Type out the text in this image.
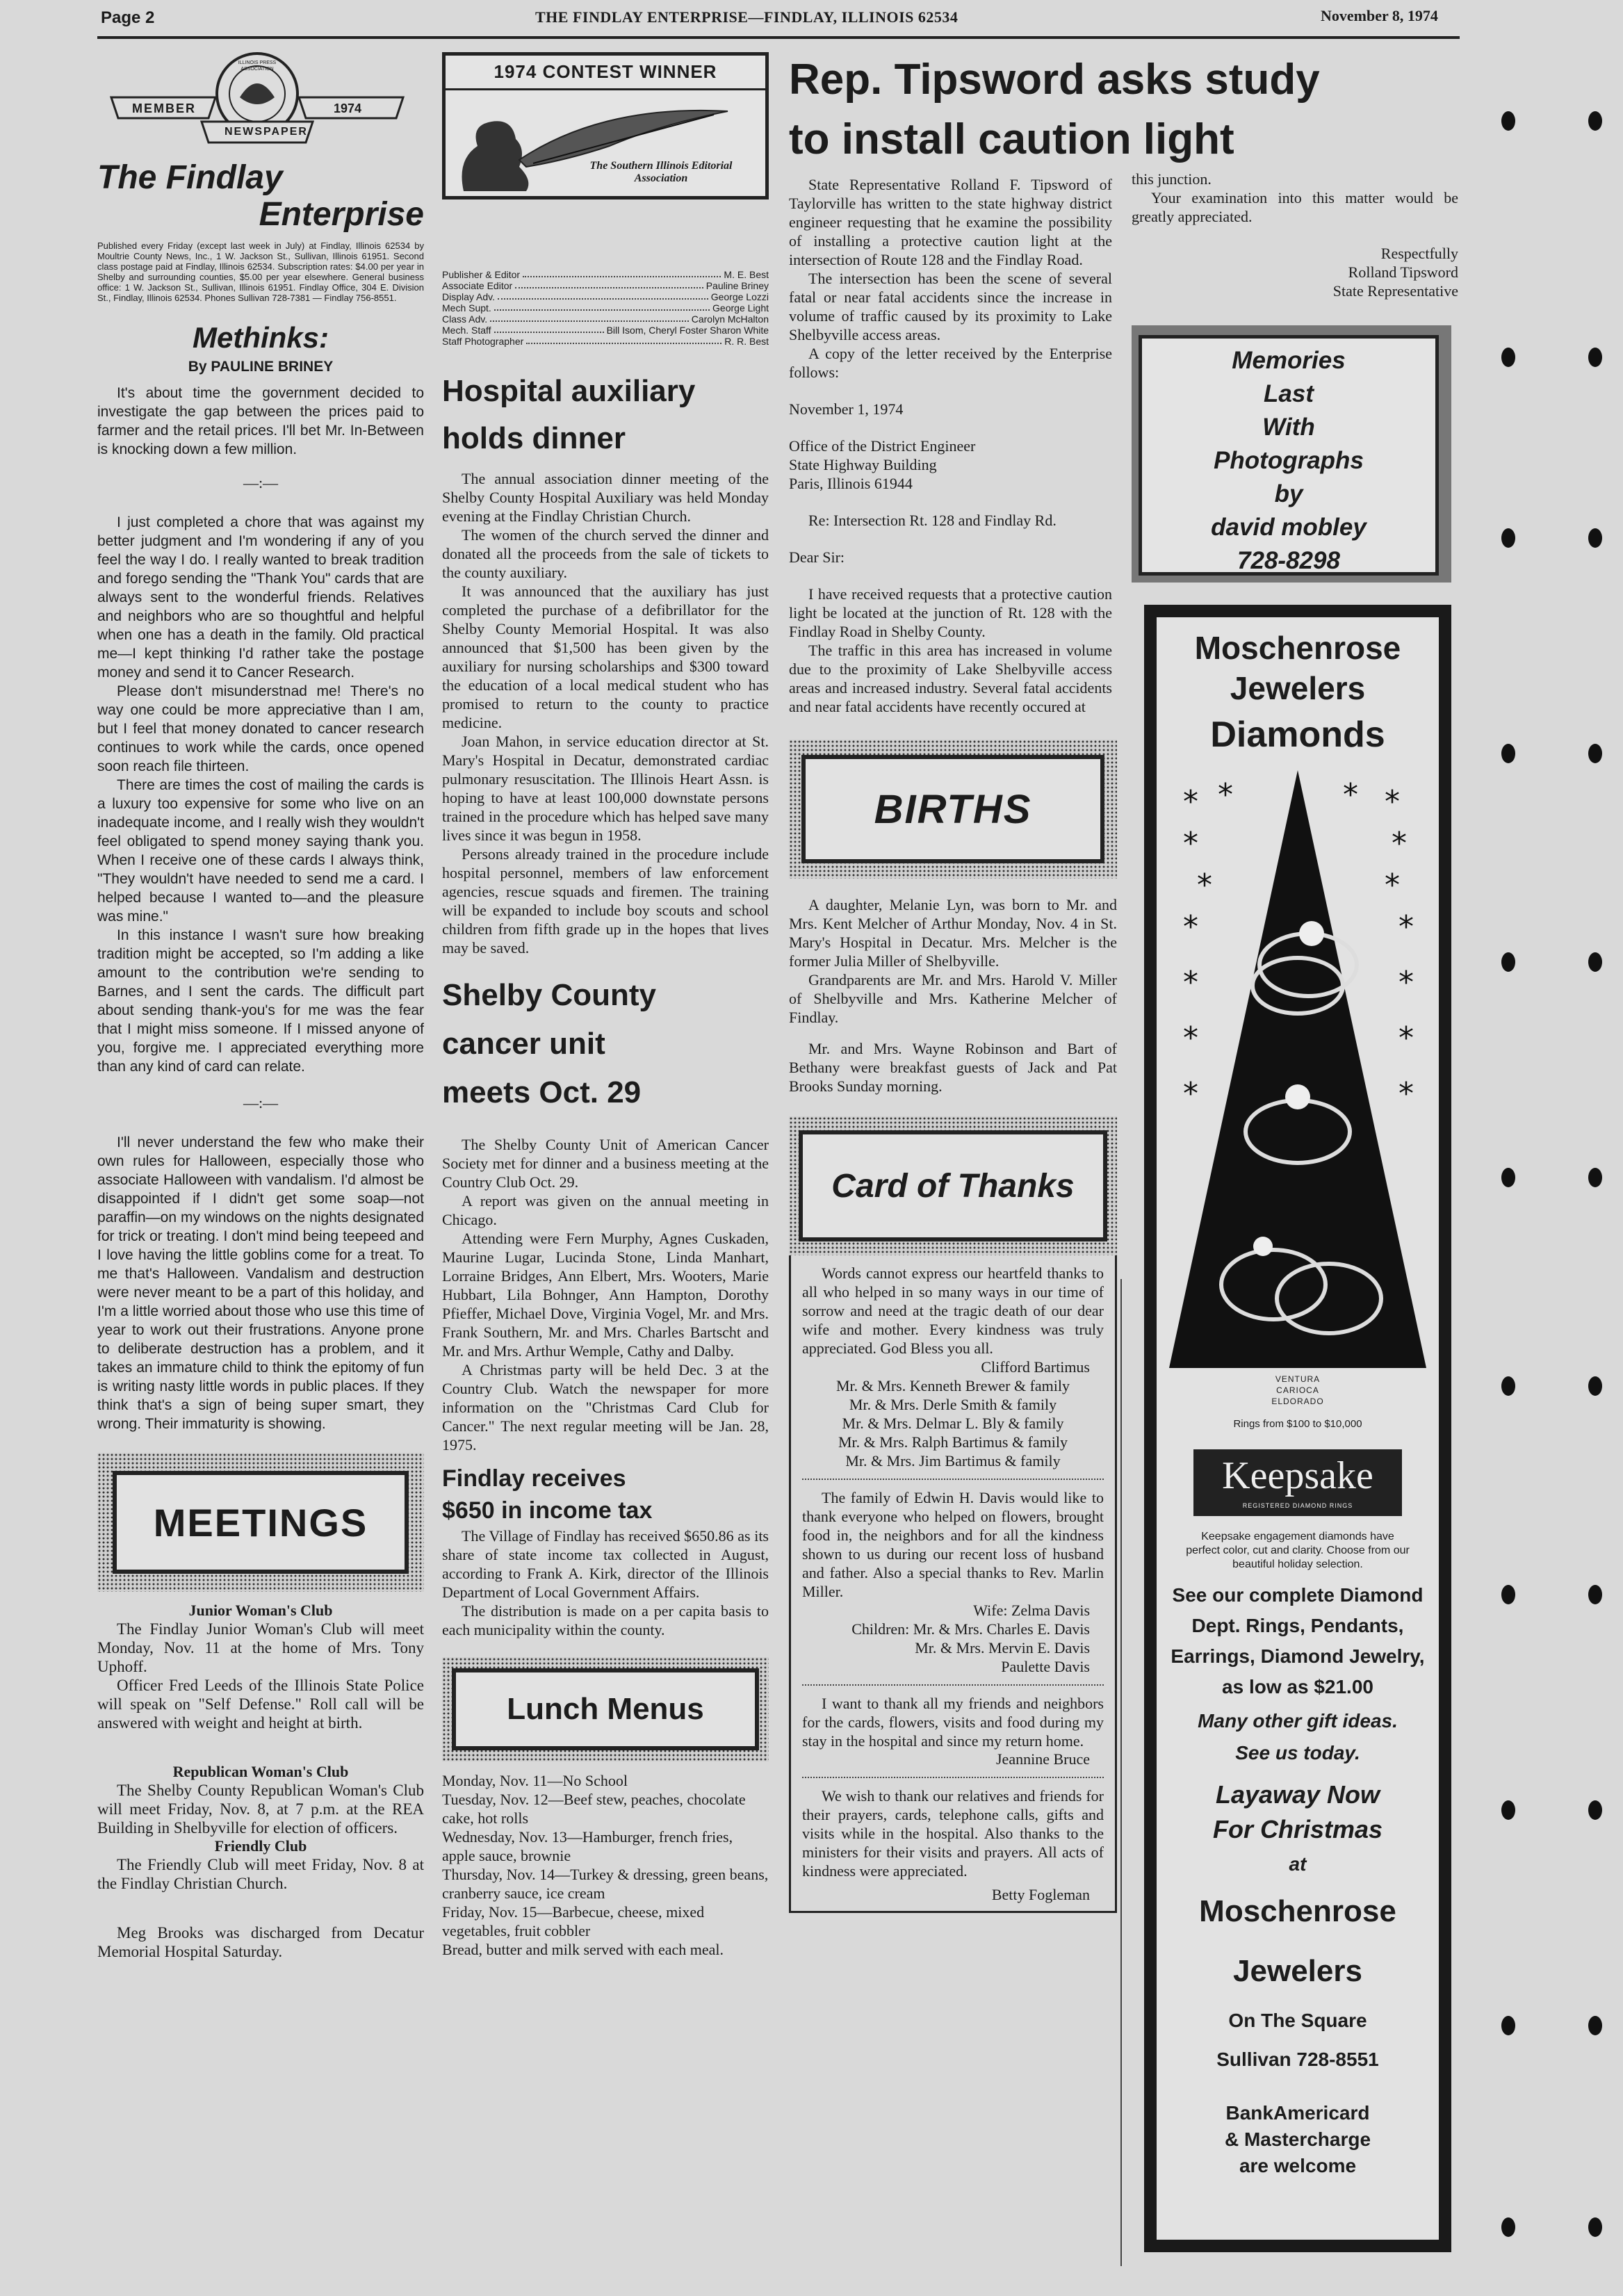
Page 2	THE FINDLAY ENTERPRISE—FINDLAY, ILLINOIS 62534	November 8, 1974
MEMBER	1974
NEWSPAPER
ILLINOIS PRESS ASSOCIATION
The Findlay
Enterprise
Published every Friday (except last week in July) at Findlay, Illinois 62534 by Moultrie County News, Inc., 1 W. Jackson St., Sullivan, Illinois 61951. Second class postage paid at Findlay, Illinois 62534. Subscription rates: $4.00 per year in Shelby and surrounding counties, $5.00 per year elsewhere. General business office: 1 W. Jackson St., Sullivan, Illinois 61951. Findlay Office, 304 E. Division St., Findlay, Illinois 62534. Phones Sullivan 728-7381 — Findlay 756-8551.
Methinks:
By PAULINE BRINEY

It's about time the government decided to investigate the gap between the prices paid to farmer and the retail prices. I'll bet Mr. In-Between is knocking down a few million.

—:—

I just completed a chore that was against my better judgment and I'm wondering if any of you feel the way I do. I really wanted to break tradition and forego sending the "Thank You" cards that are always sent to the wonderful friends. Relatives and neighbors who are so thoughtful and helpful when one has a death in the family. Old practical me—I kept thinking I'd rather take the postage money and send it to Cancer Research.

Please don't misunderstnad me! There's no way one could be more appreciative than I am, but I feel that money donated to cancer research continues to work while the cards, once opened soon reach file thirteen.

There are times the cost of mailing the cards is a luxury too expensive for some who live on an inadequate income, and I really wish they wouldn't feel obligated to spend money saying thank you. When I receive one of these cards I always think, "They wouldn't have needed to send me a card. I helped because I wanted to—and the pleasure was mine."

In this instance I wasn't sure how breaking tradition might be accepted, so I'm adding a like amount to the contribution we're sending to Barnes, and I sent the cards. The difficult part about sending thank-you's for me was the fear that I might miss someone. If I missed anyone of you, forgive me. I appreciated everything more than any kind of card can relate.

—:—

I'll never understand the few who make their own rules for Halloween, especially those who associate Halloween with vandalism. I'd almost be disappointed if I didn't get some soap—not paraffin—on my windows on the nights designated for trick or treating. I don't mind being teepeed and I love having the little goblins come for a treat. To me that's Halloween. Vandalism and destruction were never meant to be a part of this holiday, and I'm a little worried about those who use this time of year to work out their frustrations. Anyone prone to deliberate destruction has a problem, and it takes an immature child to think the epitomy of fun is writing nasty little words in public places. If they think that's a sign of being super smart, they wrong. Their immaturity is showing.

MEETINGS
Junior Woman's Club

The Findlay Junior Woman's Club will meet Monday, Nov. 11 at the home of Mrs. Tony Uphoff.

Officer Fred Leeds of the Illinois State Police will speak on "Self Defense." Roll call will be answered with weight and height at birth.

Republican Woman's Club

The Shelby County Republican Woman's Club will meet Friday, Nov. 8, at 7 p.m. at the REA Building in Shelbyville for election of officers.

Friendly Club

The Friendly Club will meet Friday, Nov. 8 at the Findlay Christian Church.

Meg Brooks was discharged from Decatur Memorial Hospital Saturday.

1974 CONTEST WINNER
The Southern Illinois Editorial Association
Publisher & Editor	M. E. Best
Associate Editor	Pauline Briney
Display Adv.	George Lozzi
Mech Supt.	George Light
Class Adv.	Carolyn McHalton
Mech. Staff	Bill Isom, Cheryl Foster Sharon White
Staff Photographer	R. R. Best
Hospital auxiliary
holds dinner

The annual association dinner meeting of the Shelby County Hospital Auxiliary was held Monday evening at the Findlay Christian Church.

The women of the church served the dinner and donated all the proceeds from the sale of tickets to the county auxiliary.

It was announced that the auxiliary has just completed the purchase of a defibrillator for the Shelby County Memorial Hospital. It was also announced that $1,500 has been given by the auxiliary for nursing scholarships and $300 toward the education of a local medical student who has promised to return to the county to practice medicine.

Joan Mahon, in service education director at St. Mary's Hospital in Decatur, demonstrated cardiac pulmonary resuscitation. The Illinois Heart Assn. is hoping to have at least 100,000 downstate persons trained in the procedure which has helped save many lives since it was begun in 1958.

Persons already trained in the procedure include hospital personnel, members of law enforcement agencies, rescue squads and firemen. The training will be expanded to include boy scouts and school children from fifth grade up in the hopes that lives may be saved.

Shelby County
cancer unit
meets Oct. 29

The Shelby County Unit of American Cancer Society met for dinner and a business meeting at the Country Club Oct. 29.

A report was given on the annual meeting in Chicago.

Attending were Fern Murphy, Agnes Cuskaden, Maurine Lugar, Lucinda Stone, Linda Manhart, Lorraine Bridges, Ann Elbert, Mrs. Wooters, Marie Hubbart, Lila Bohnger, Ann Hampton, Dorothy Pfieffer, Michael Dove, Virginia Vogel, Mr. and Mrs. Frank Southern, Mr. and Mrs. Charles Bartscht and Mr. and Mrs. Arthur Wemple, Cathy and Dalby.

A Christmas party will be held Dec. 3 at the Country Club. Watch the newspaper for more information on the "Christmas Card Club for Cancer." The next regular meeting will be Jan. 28, 1975.

Findlay receives
$650 in income tax

The Village of Findlay has received $650.86 as its share of state income tax collected in August, according to Frank A. Kirk, director of the Illinois Department of Local Government Affairs.

The distribution is made on a per capita basis to each municipality within the county.

Lunch Menus

Monday, Nov. 11—No School

Tuesday, Nov. 12—Beef stew, peaches, chocolate cake, hot rolls

Wednesday, Nov. 13—Hamburger, french fries, apple sauce, brownie

Thursday, Nov. 14—Turkey & dressing, green beans, cranberry sauce, ice cream

Friday, Nov. 15—Barbecue, cheese, mixed vegetables, fruit cobbler

Bread, butter and milk served with each meal.

Rep. Tipsword asks study
to install caution light

State Representative Rolland F. Tipsword of Taylorville has written to the state highway district engineer requesting that he examine the possibility of installing a protective caution light at the intersection of Route 128 and the Findlay Road.

The intersection has been the scene of several fatal or near fatal accidents since the increase in volume of traffic caused by its proximity to Lake Shelbyville access areas.

A copy of the letter received by the Enterprise follows:

November 1, 1974

Office of the District Engineer

State Highway Building

Paris, Illinois 61944

Re: Intersection Rt. 128 and Findlay Rd.

Dear Sir:

I have received requests that a protective caution light be located at the junction of Rt. 128 with the Findlay Road in Shelby County.

The traffic in this area has increased in volume due to the proximity of Lake Shelbyville access areas and increased industry. Several fatal accidents and near fatal accidents have recently occured at

BIRTHS

A daughter, Melanie Lyn, was born to Mr. and Mrs. Kent Melcher of Arthur Monday, Nov. 4 in St. Mary's Hospital in Decatur. Mrs. Melcher is the former Julia Miller of Shelbyville.

Grandparents are Mr. and Mrs. Harold V. Miller of Shelbyville and Mrs. Katherine Melcher of Findlay.

Mr. and Mrs. Wayne Robinson and Bart of Bethany were breakfast guests of Jack and Pat Brooks Sunday morning.

Card of Thanks

Words cannot express our heartfeld thanks to all who helped in so many ways in our time of sorrow and need at the tragic death of our dear wife and mother. Every kindness was truly appreciated. God Bless you all.

Clifford Bartimus
Mr. & Mrs. Kenneth Brewer & family
Mr. & Mrs. Derle Smith & family
Mr. & Mrs. Delmar L. Bly & family
Mr. & Mrs. Ralph Bartimus & family
Mr. & Mrs. Jim Bartimus & family

The family of Edwin H. Davis would like to thank everyone who helped on flowers, brought food in, the neighbors and for all the kindness shown to us during our recent loss of husband and father. Also a special thanks to Rev. Marlin Miller.

Wife: Zelma Davis
Children: Mr. & Mrs. Charles E. Davis
Mr. & Mrs. Mervin E. Davis
Paulette Davis

I want to thank all my friends and neighbors for the cards, flowers, visits and food during my stay in the hospital and since my return home.

Jeannine Bruce

We wish to thank our relatives and friends for their prayers, cards, telephone calls, gifts and visits while in the hospital. Also thanks to the ministers for their visits and prayers. All acts of kindness were appreciated.

Betty Fogleman

this junction.

Your examination into this matter would be greatly appreciated.

Respectfully
Rolland Tipsword
State Representative
Memories
Last
With
Photographs
by
david mobley
728-8298
Moschenrose
Jewelers
Diamonds
* *	* *
*	*
*	*
*	*
*	*
*	*
*	*
VENTURA
CARIOCA
ELDORADO
Rings from $100 to $10,000
Keepsake
REGISTERED DIAMOND RINGS
Keepsake engagement diamonds have perfect color, cut and clarity. Choose from our beautiful holiday selection.
See our complete Diamond
Dept. Rings, Pendants,
Earrings, Diamond Jewelry,
as low as $21.00
Many other gift ideas.
See us today.
Layaway Now
For Christmas
at
Moschenrose
Jewelers
On The Square
Sullivan 728-8551
BankAmericard
& Mastercharge
are welcome
